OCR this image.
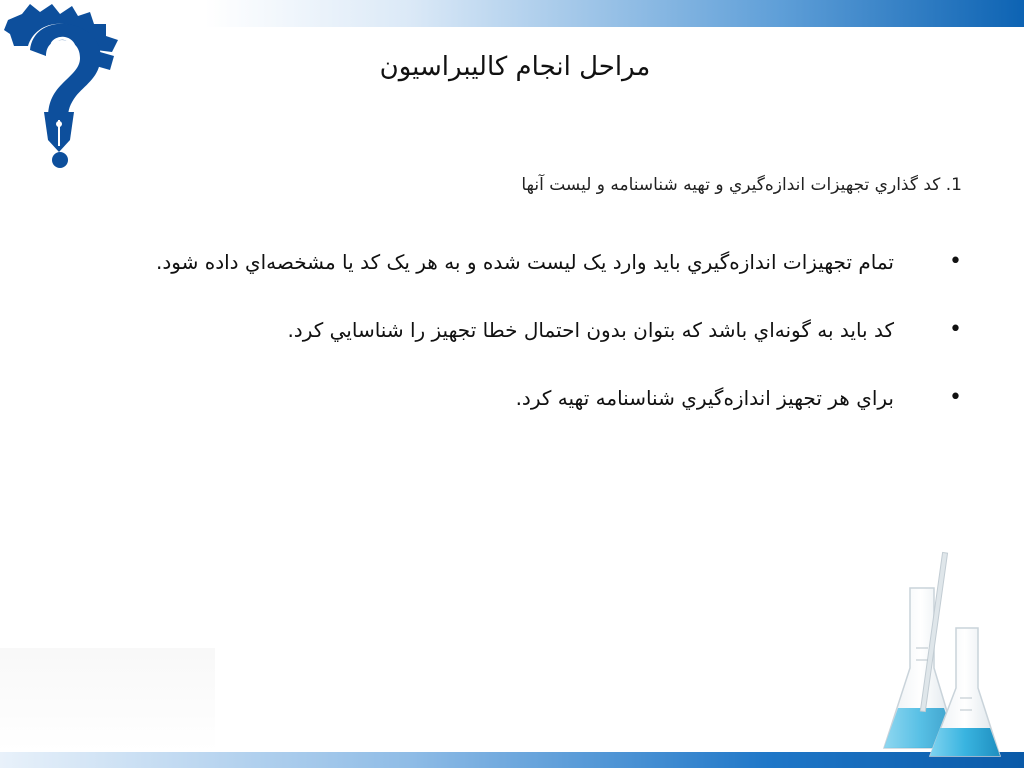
مراحل انجام کاليبراسيون
1. کد گذاري تجهيزات اندازه‌گيري و تهيه شناسنامه و ليست آنها
•
تمام تجهيزات اندازه‌گيري بايد وارد يک ليست شده و به هر يک کد يا مشخصه‌اي داده شود.
•
کد بايد به گونه‌اي باشد که بتوان بدون احتمال خطا تجهيز را شناسايي کرد.
•
براي هر تجهيز اندازه‌گيري شناسنامه تهيه کرد.
